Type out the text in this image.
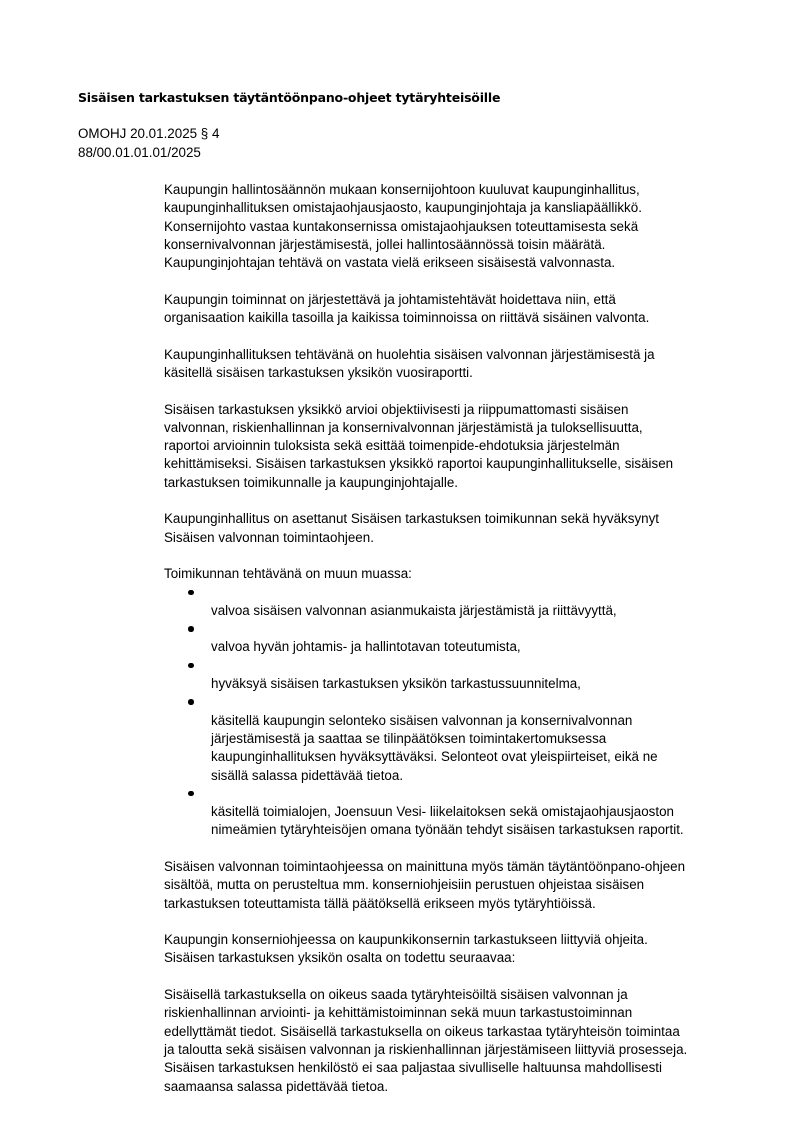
Sisäisen tarkastuksen täytäntöönpano-ohjeet tytäryhteisöille
OMOHJ 20.01.2025 § 4
88/00.01.01.01/2025

Kaupungin hallintosäännön mukaan konsernijohtoon kuuluvat kaupunginhallitus,
kaupunginhallituksen omistajaohjausjaosto, kaupunginjohtaja ja kansliapäällikkö.
Konsernijohto vastaa kuntakonsernissa omistajaohjauksen toteuttamisesta sekä
konsernivalvonnan järjestämisestä, jollei hallintosäännössä toisin määrätä.
Kaupunginjohtajan tehtävä on vastata vielä erikseen sisäisestä valvonnasta.

Kaupungin toiminnat on järjestettävä ja johtamistehtävät hoidettava niin, että
organisaation kaikilla tasoilla ja kaikissa toiminnoissa on riittävä sisäinen valvonta.

Kaupunginhallituksen tehtävänä on huolehtia sisäisen valvonnan järjestämisestä ja
käsitellä sisäisen tarkastuksen yksikön vuosiraportti.

Sisäisen tarkastuksen yksikkö arvioi objektiivisesti ja riippumattomasti sisäisen
valvonnan, riskienhallinnan ja konsernivalvonnan järjestämistä ja tuloksellisuutta,
raportoi arvioinnin tuloksista sekä esittää toimenpide-ehdotuksia järjestelmän
kehittämiseksi. Sisäisen tarkastuksen yksikkö raportoi kaupunginhallitukselle, sisäisen
tarkastuksen toimikunnalle ja kaupunginjohtajalle.

Kaupunginhallitus on asettanut Sisäisen tarkastuksen toimikunnan sekä hyväksynyt
Sisäisen valvonnan toimintaohjeen.

Toimikunnan tehtävänä on muun muassa:

valvoa sisäisen valvonnan asianmukaista järjestämistä ja riittävyyttä,

valvoa hyvän johtamis- ja hallintotavan toteutumista,

hyväksyä sisäisen tarkastuksen yksikön tarkastussuunnitelma,

käsitellä kaupungin selonteko sisäisen valvonnan ja konsernivalvonnan
järjestämisestä ja saattaa se tilinpäätöksen toimintakertomuksessa
kaupunginhallituksen hyväksyttäväksi. Selonteot ovat yleispiirteiset, eikä ne
sisällä salassa pidettävää tietoa.

käsitellä toimialojen, Joensuun Vesi- liikelaitoksen sekä omistajaohjausjaoston
nimeämien tytäryhteisöjen omana työnään tehdyt sisäisen tarkastuksen raportit.

Sisäisen valvonnan toimintaohjeessa on mainittuna myös tämän täytäntöönpano-ohjeen
sisältöä, mutta on perusteltua mm. konserniohjeisiin perustuen ohjeistaa sisäisen
tarkastuksen toteuttamista tällä päätöksellä erikseen myös tytäryhtiöissä.

Kaupungin konserniohjeessa on kaupunkikonsernin tarkastukseen liittyviä ohjeita.
Sisäisen tarkastuksen yksikön osalta on todettu seuraavaa:

Sisäisellä tarkastuksella on oikeus saada tytäryhteisöiltä sisäisen valvonnan ja
riskienhallinnan arviointi- ja kehittämistoiminnan sekä muun tarkastustoiminnan
edellyttämät tiedot. Sisäisellä tarkastuksella on oikeus tarkastaa tytäryhteisön toimintaa
ja taloutta sekä sisäisen valvonnan ja riskienhallinnan järjestämiseen liittyviä prosesseja.
Sisäisen tarkastuksen henkilöstö ei saa paljastaa sivulliselle haltuunsa mahdollisesti
saamaansa salassa pidettävää tietoa.
